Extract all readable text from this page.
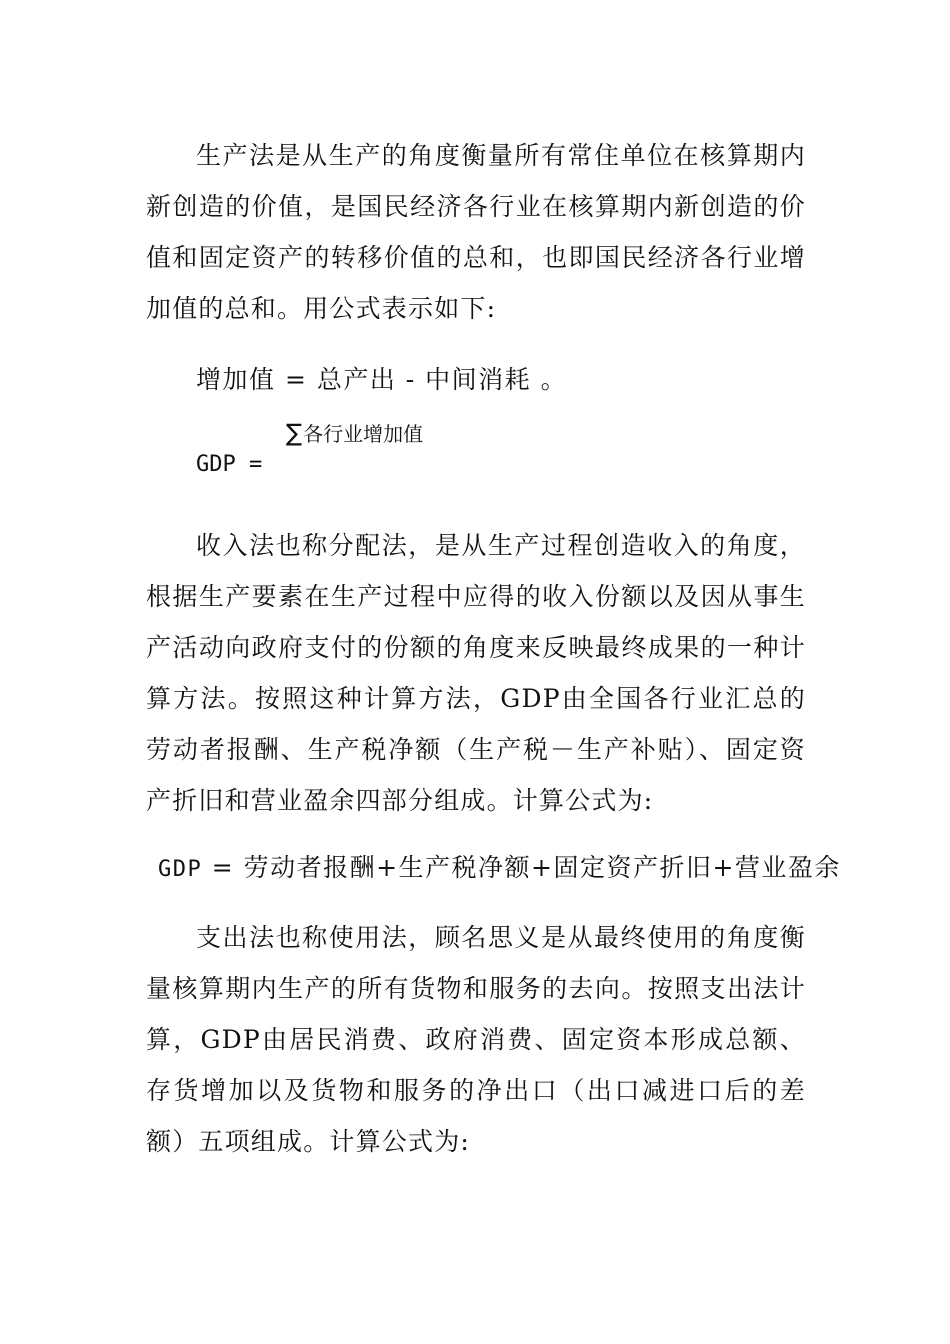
生产法是从生产的角度衡量所有常住单位在核算期内新创造的价值，是国民经济各行业在核算期内新创造的价值和固定资产的转移价值的总和，也即国民经济各行业增加值的总和。用公式表示如下:

增加值 = 总产出 - 中间消耗 。

∑各行业增加值

GDP =

收入法也称分配法，是从生产过程创造收入的角度，根据生产要素在生产过程中应得的收入份额以及因从事生产活动向政府支付的份额的角度来反映最终成果的一种计算方法。按照这种计算方法，GDP由全国各行业汇总的劳动者报酬、生产税净额（生产税－生产补贴）、固定资产折旧和营业盈余四部分组成。计算公式为:

GDP = 劳动者报酬+生产税净额+固定资产折旧+营业盈余

支出法也称使用法，顾名思义是从最终使用的角度衡量核算期内生产的所有货物和服务的去向。按照支出法计算，GDP由居民消费、政府消费、固定资本形成总额、存货增加以及货物和服务的净出口（出口减进口后的差额）五项组成。计算公式为:
